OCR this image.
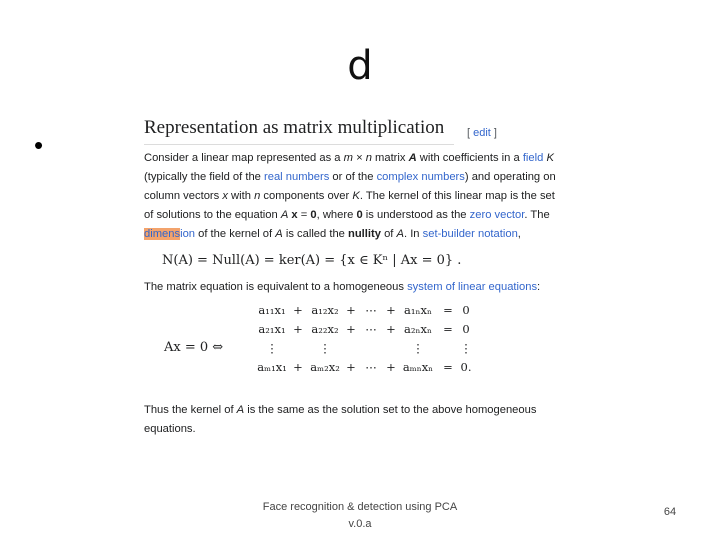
d
•
Representation as matrix multiplication [ edit ]
Consider a linear map represented as a m × n matrix A with coefficients in a field K
(typically the field of the real numbers or of the complex numbers) and operating on
column vectors x with n components over K. The kernel of this linear map is the set
of solutions to the equation A x = 0, where 0 is understood as the zero vector. The
dimension of the kernel of A is called the nullity of A. In set-builder notation,
N(A) = Null(A) = ker(A) = {x ∈ Kⁿ | Ax = 0} .
The matrix equation is equivalent to a homogeneous system of linear equations:
Ax = 0 ⇔
a₁₁x₁ + a₁₂x₂ + ⋯ + a₁ₙxₙ = 0
a₂₁x₁ + a₂₂x₂ + ⋯ + a₂ₙxₙ = 0
⋮	⋮	⋮	⋮
aₘ₁x₁ + aₘ₂x₂ + ⋯ + aₘₙxₙ = 0.
Thus the kernel of A is the same as the solution set to the above homogeneous
equations.
Face recognition & detection using PCA
v.0.a
64
